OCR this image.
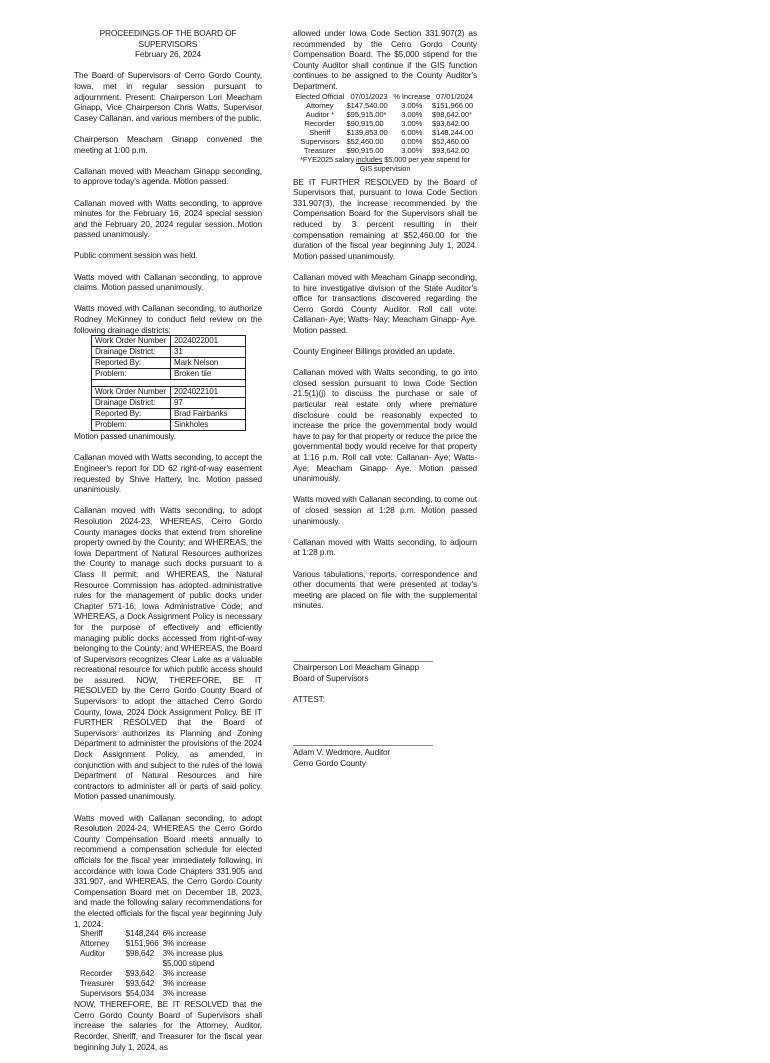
PROCEEDINGS OF THE BOARD OF SUPERVISORS
February 26, 2024

The Board of Supervisors of Cerro Gordo County, Iowa, met in regular session pursuant to adjournment. Present: Chairperson Lori Meacham Ginapp, Vice Chairperson Chris Watts, Supervisor Casey Callanan, and various members of the public.

Chairperson Meacham Ginapp convened the meeting at 1:00 p.m.

Callanan moved with Meacham Ginapp seconding, to approve today's agenda. Motion passed.

Callanan moved with Watts seconding, to approve minutes for the February 16, 2024 special session and the February 20, 2024 regular session. Motion passed unanimously.

Public comment session was held.

Watts moved with Callanan seconding, to approve claims. Motion passed unanimously.

Watts moved with Callanan seconding, to authorize Rodney McKinney to conduct field review on the following drainage districts:

Work Order Number	2024022001
Drainage District:	31
Reported By:	Mark Nelson
Problem:	Broken tile

Work Order Number	2024022101
Drainage District:	97
Reported By:	Brad Fairbanks
Problem:	Sinkholes

Motion passed unanimously.

Callanan moved with Watts seconding, to accept the Engineer's report for DD 62 right-of-way easement requested by Shive Hattery, Inc. Motion passed unanimously.

Callanan moved with Watts seconding, to adopt Resolution 2024-23, WHEREAS, Cerro Gordo County manages docks that extend from shoreline property owned by the County; and WHEREAS, the Iowa Department of Natural Resources authorizes the County to manage such docks pursuant to a Class II permit; and WHEREAS, the Natural Resource Commission has adopted administrative rules for the management of public docks under Chapter 571-16; Iowa Administrative Code; and WHEREAS, a Dock Assignment Policy is necessary for the purpose of effectively and efficiently managing public docks accessed from right-of-way belonging to the County; and WHEREAS, the Board of Supervisors recognizes Clear Lake as a valuable recreational resource for which public access should be assured. NOW, THEREFORE, BE IT RESOLVED by the Cerro Gordo County Board of Supervisors to adopt the attached Cerro Gordo County, Iowa, 2024 Dock Assignment Policy. BE IT FURTHER RESOLVED that the Board of Supervisors authorizes its Planning and Zoning Department to administer the provisions of the 2024 Dock Assignment Policy, as amended, in conjunction with and subject to the rules of the Iowa Department of Natural Resources and hire contractors to administer all or parts of said policy. Motion passed unanimously.

Watts moved with Callanan seconding, to adopt Resolution 2024-24, WHEREAS the Cerro Gordo County Compensation Board meets annually to recommend a compensation schedule for elected officials for the fiscal year immediately following, in accordance with Iowa Code Chapters 331.905 and 331.907, and WHEREAS, the Cerro Gordo County Compensation Board met on December 18, 2023, and made the following salary recommendations for the elected officials for the fiscal year beginning July 1, 2024:

Sheriff	$148,244	6% increase
Attorney	$151,966	3% increase
Auditor	$98,642	3% increase plus $5,000 stipend
Recorder	$93,642	3% increase
Treasurer	$93,642	3% increase
Supervisors	$54,034	3% increase

NOW, THEREFORE, BE IT RESOLVED that the Cerro Gordo County Board of Supervisors shall increase the salaries for the Attorney, Auditor, Recorder, Sheriff, and Treasurer for the fiscal year beginning July 1, 2024, as

allowed under Iowa Code Section 331.907(2) as recommended by the Cerro Gordo County Compensation Board. The $5,000 stipend for the County Auditor shall continue if the GIS function continues to be assigned to the County Auditor's Department.

Elected Official	07/01/2023	% Increase	07/01/2024
Attorney	$147,540.00	3.00%	$151,966.00
Auditor *	$95,915.00*	3.00%	$98,642.00*
Recorder	$90,915.00	3.00%	$93,642.00
Sheriff	$139,853.00	6.00%	$148,244.00
Supervisors	$52,460.00	0.00%	$52,460.00
Treasurer	$90,915.00	3.00%	$93,642.00
*FYE2025 salary includes $5,000 per year stipend for GIS supervision

BE IT FURTHER RESOLVED by the Board of Supervisors that, pursuant to Iowa Code Section 331.907(3), the increase recommended by the Compensation Board for the Supervisors shall be reduced by 3 percent resulting in their compensation remaining at $52,460.00 for the duration of the fiscal year beginning July 1, 2024. Motion passed unanimously.

Callanan moved with Meacham Ginapp seconding, to hire investigative division of the State Auditor's office for transactions discovered regarding the Cerro Gordo County Auditor. Roll call vote: Callanan- Aye; Watts- Nay; Meacham Ginapp- Aye. Motion passed.

County Engineer Billings provided an update.

Callanan moved with Watts seconding, to go into closed session pursuant to Iowa Code Section 21.5(1)(j) to discuss the purchase or sale of particular real estate only where premature disclosure could be reasonably expected to increase the price the governmental body would have to pay for that property or reduce the price the governmental body would receive for that property at 1:16 p.m. Roll call vote: Callanan- Aye; Watts- Aye; Meacham Ginapp- Aye. Motion passed unanimously.

Watts moved with Callanan seconding, to come out of closed session at 1:28 p.m. Motion passed unanimously.

Callanan moved with Watts seconding, to adjourn at 1:28 p.m.

Various tabulations, reports, correspondence and other documents that were presented at today's meeting are placed on file with the supplemental minutes.

_______________________________
Chairperson Lori Meacham Ginapp
Board of Supervisors
ATTEST:
_______________________________
Adam V. Wedmore, Auditor
Cerro Gordo County
